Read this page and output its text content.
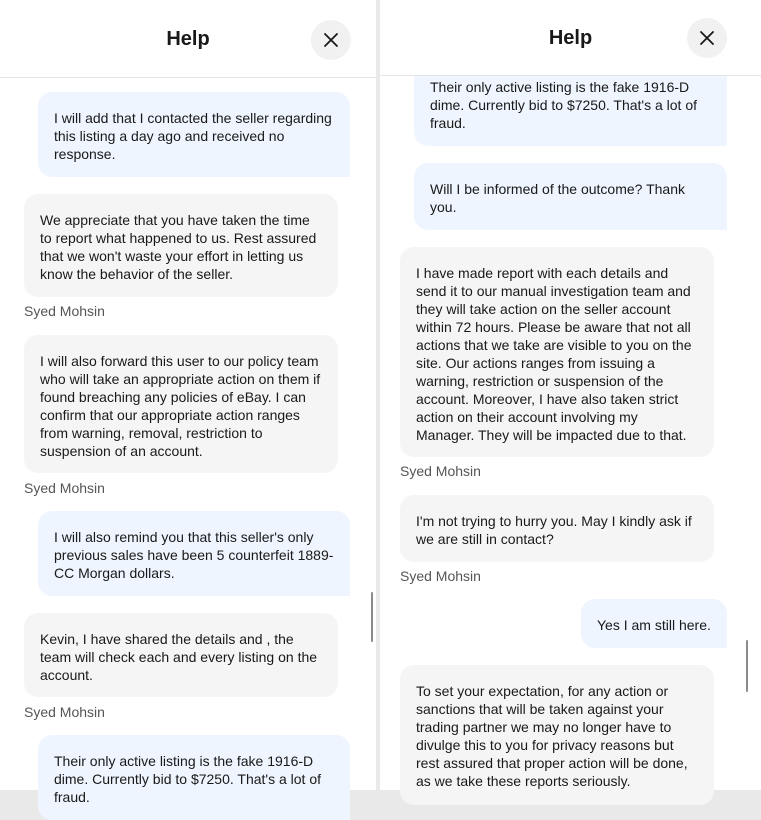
Help

I will add that I contacted the seller regarding this listing a day ago and received no response.

We appreciate that you have taken the time to report what happened to us. Rest assured that we won't waste your effort in letting us know the behavior of the seller.

Syed Mohsin

I will also forward this user to our policy team who will take an appropriate action on them if found breaching any policies of eBay. I can confirm that our appropriate action ranges from warning, removal, restriction to suspension of an account.

Syed Mohsin

I will also remind you that this seller's only previous sales have been 5 counterfeit 1889-CC Morgan dollars.

Kevin, I have shared the details and , the team will check each and every listing on the account.

Syed Mohsin

Their only active listing is the fake 1916-D dime. Currently bid to $7250. That's a lot of fraud.

Help

Their only active listing is the fake 1916-D dime. Currently bid to $7250. That's a lot of fraud.

Will I be informed of the outcome? Thank you.

I have made report with each details and send it to our manual investigation team and they will take action on the seller account within 72 hours. Please be aware that not all actions that we take are visible to you on the site. Our actions ranges from issuing a warning, restriction or suspension of the account. Moreover, I have also taken strict action on their account involving my Manager. They will be impacted due to that.

Syed Mohsin

I'm not trying to hurry you. May I kindly ask if we are still in contact?

Syed Mohsin

Yes I am still here.

To set your expectation, for any action or sanctions that will be taken against your trading partner we may no longer have to divulge this to you for privacy reasons but rest assured that proper action will be done, as we take these reports seriously.
